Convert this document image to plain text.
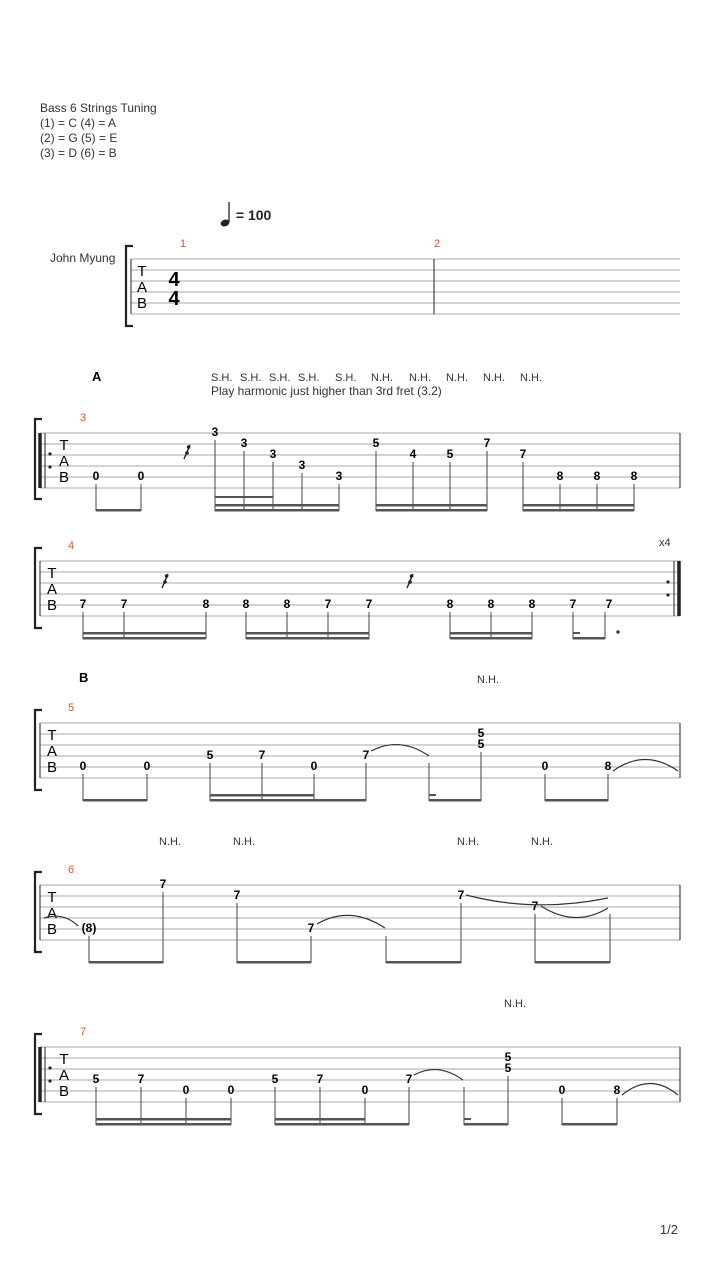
Bass 6 Strings Tuning
(1) = C (4) = A
(2) = G (5) = E
(3) = D (6) = B
= 100
John Myung
T
A
B
4
4
1	2
A	S.H. S.H. S.H. S.H. S.H. N.H. N.H. N.H. N.H. N.H.
Play harmonic just higher than 3rd fret (3.2)
3
T
A
B 0	0
3
3
3
3
3
5
4	5
7
7
8	8	8
4	x4
T
A
B 7	7	8	8	8	7	7	8	8	8	7 7
B	N.H.
5
T
A
B 0	0
5	7
0
7
5
5
0	8
N.H.	N.H.	N.H.	N.H.
6
T
A
B (8)
7
7
7
7
7
N.H.
7
T
A
B
5	7
0	0
5	7
0
7
5
5
0	8
1/2
